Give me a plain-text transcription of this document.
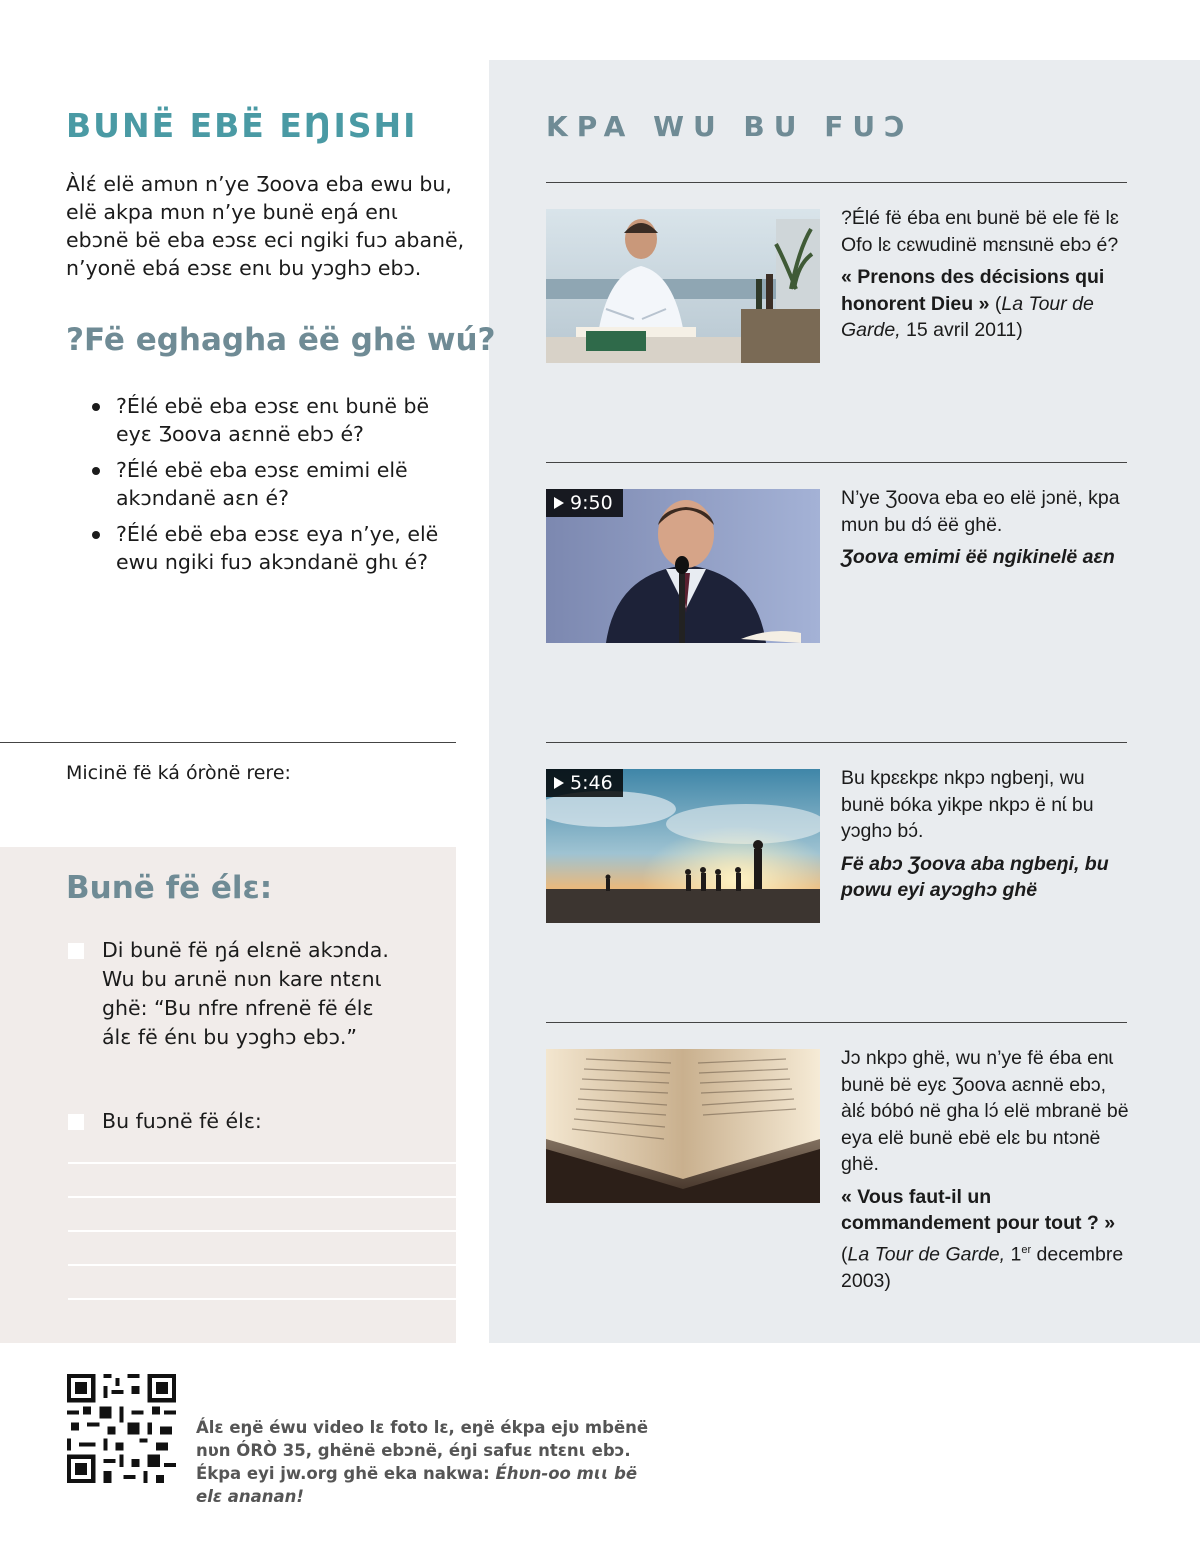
BUNË EBË EŊISHI

Àlɛ́ elë amʋn n’ye Ʒoova eba ewu bu, elë akpa mʋn n’ye bunë eŋá enɩ ebɔnë bë eba eɔsɛ eci ngiki fuɔ abanë, n’yonë ebá eɔsɛ enɩ bu yɔghɔ ebɔ.

?Fë eghagha ëë ghë wú?
?Élé ebë eba eɔsɛ enɩ bunë bë eyɛ Ʒoova aɛnnë ebɔ é?
?Élé ebë eba eɔsɛ emimi elë akɔndanë aɛn é?
?Élé ebë eba eɔsɛ eya n’ye, elë ewu ngiki fuɔ akɔndanë ghɩ é?
Micinë fë ká órònë rere:
Bunë fë élɛ:
Di bunë fë ŋá elɛnë akɔnda. Wu bu arɩnë nʋn kare ntɛnɩ ghë: “Bu nfre nfrenë fë élɛ álɛ fë énɩ bu yɔghɔ ebɔ.”
Bu fuɔnë fë élɛ:
KPA WU BU FUƆ
?Élé fë éba enɩ bunë bë ele fë lɛ Ofo lɛ cɛwudinë mɛnsɩnë ebɔ é?
« Prenons des décisions qui honorent Dieu » (La Tour de Garde, 15 avril 2011)
9:50	N’ye Ʒoova eba eo elë jɔnë, kpa mʋn bu dɔ́ ëë ghë.
Ʒoova emimi ëë ngikinelë aɛn
5:46	Bu kpɛɛkpɛ nkpɔ ngbeŋi, wu bunë bóka yikpe nkpɔ ë nɩ́ bu yɔghɔ bɔ́.
Fë abɔ Ʒoova aba ngbeŋi, bu powu eyi ayɔghɔ ghë
Jɔ nkpɔ ghë, wu n’ye fë éba enɩ bunë bë eyɛ Ʒoova aɛnnë ebɔ, àlɛ́ bóbó në gha lɔ́ elë mbranë bë eya elë bunë ebë elɛ bu ntɔnë ghë.
« Vous faut-il un commandement pour tout ? » (La Tour de Garde, 1er decembre 2003)
Álɛ eŋë éwu video lɛ foto lɛ, eŋë ékpa ejʋ mbënë nʋn ÓRÒ 35, ghënë ebɔnë, éŋi safuɛ ntɛnɩ ebɔ. Ékpa eyi jw.org ghë eka nakwa: Éhʋn-oo mɩɩ bë elɛ ananan!
